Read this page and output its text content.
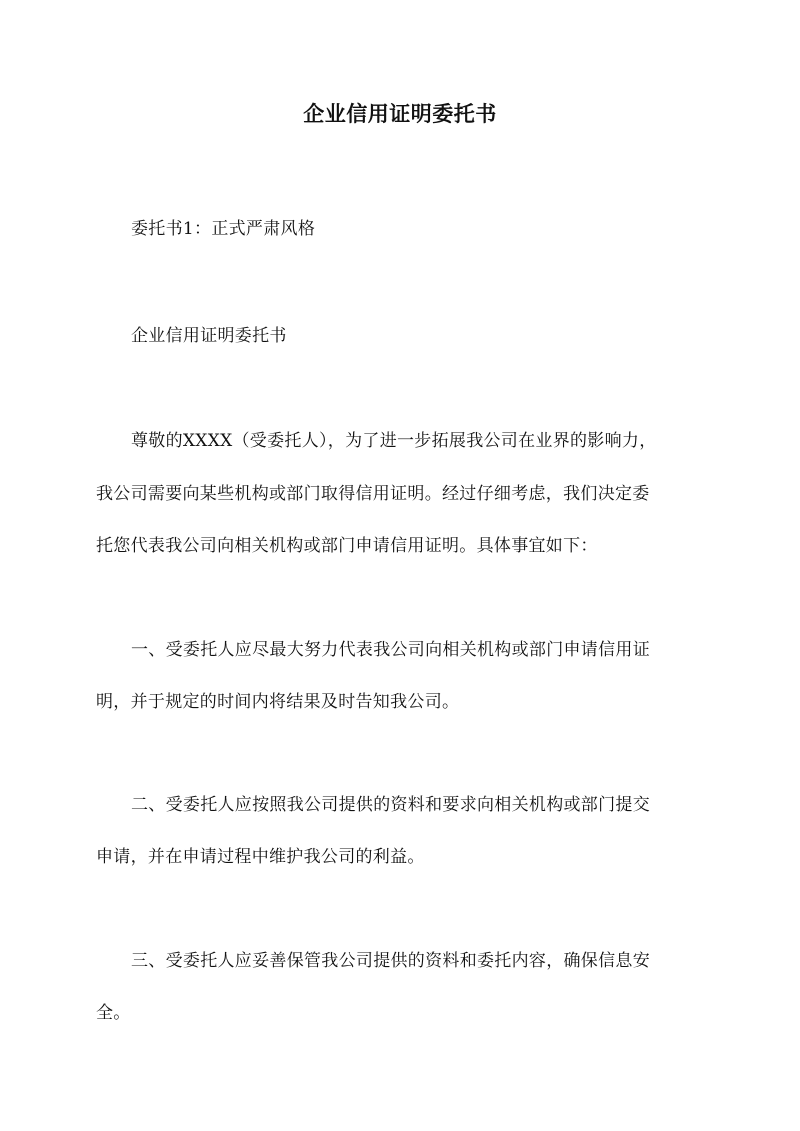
企业信用证明委托书
委托书1：正式严肃风格
企业信用证明委托书
尊敬的XXXX（受委托人），为了进一步拓展我公司在业界的影响力，
我公司需要向某些机构或部门取得信用证明。经过仔细考虑，我们决定委
托您代表我公司向相关机构或部门申请信用证明。具体事宜如下：
一、受委托人应尽最大努力代表我公司向相关机构或部门申请信用证
明，并于规定的时间内将结果及时告知我公司。
二、受委托人应按照我公司提供的资料和要求向相关机构或部门提交
申请，并在申请过程中维护我公司的利益。
三、受委托人应妥善保管我公司提供的资料和委托内容，确保信息安
全。
